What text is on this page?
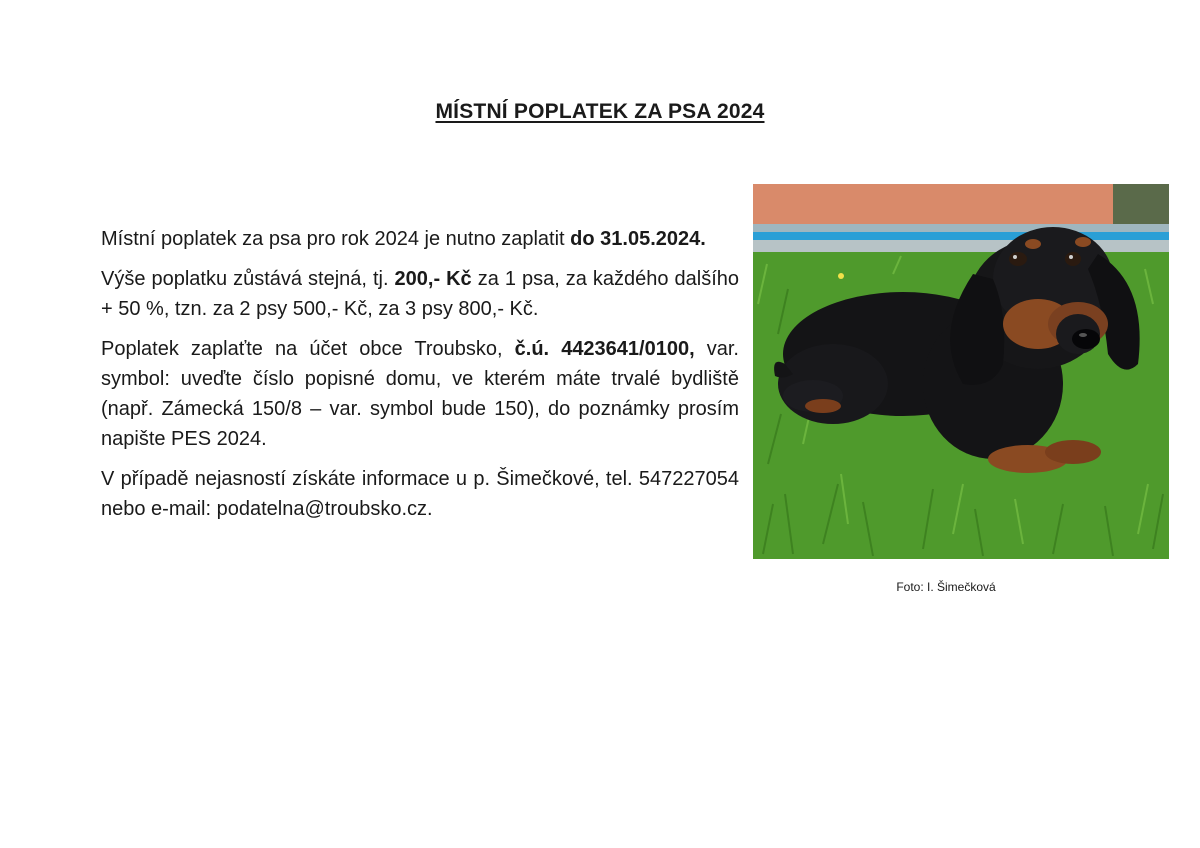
MÍSTNÍ POPLATEK ZA PSA 2024

Místní poplatek za psa pro rok 2024 je nutno zaplatit do 31.05.2024.

Výše poplatku zůstává stejná, tj. 200,- Kč za 1 psa, za každého dalšího + 50 %, tzn. za 2 psy 500,- Kč, za 3 psy 800,- Kč.

Poplatek zaplaťte na účet obce Troubsko, č.ú. 4423641/0100, var. symbol: uveďte číslo popisné domu, ve kterém máte trvalé bydliště (např. Zámecká 150/8 – var. symbol bude 150), do poznámky prosím napište PES 2024.

V případě nejasností získáte informace u p. Šimečkové, tel. 547227054 nebo e-mail: podatelna@troubsko.cz.

Foto: I. Šimečková
